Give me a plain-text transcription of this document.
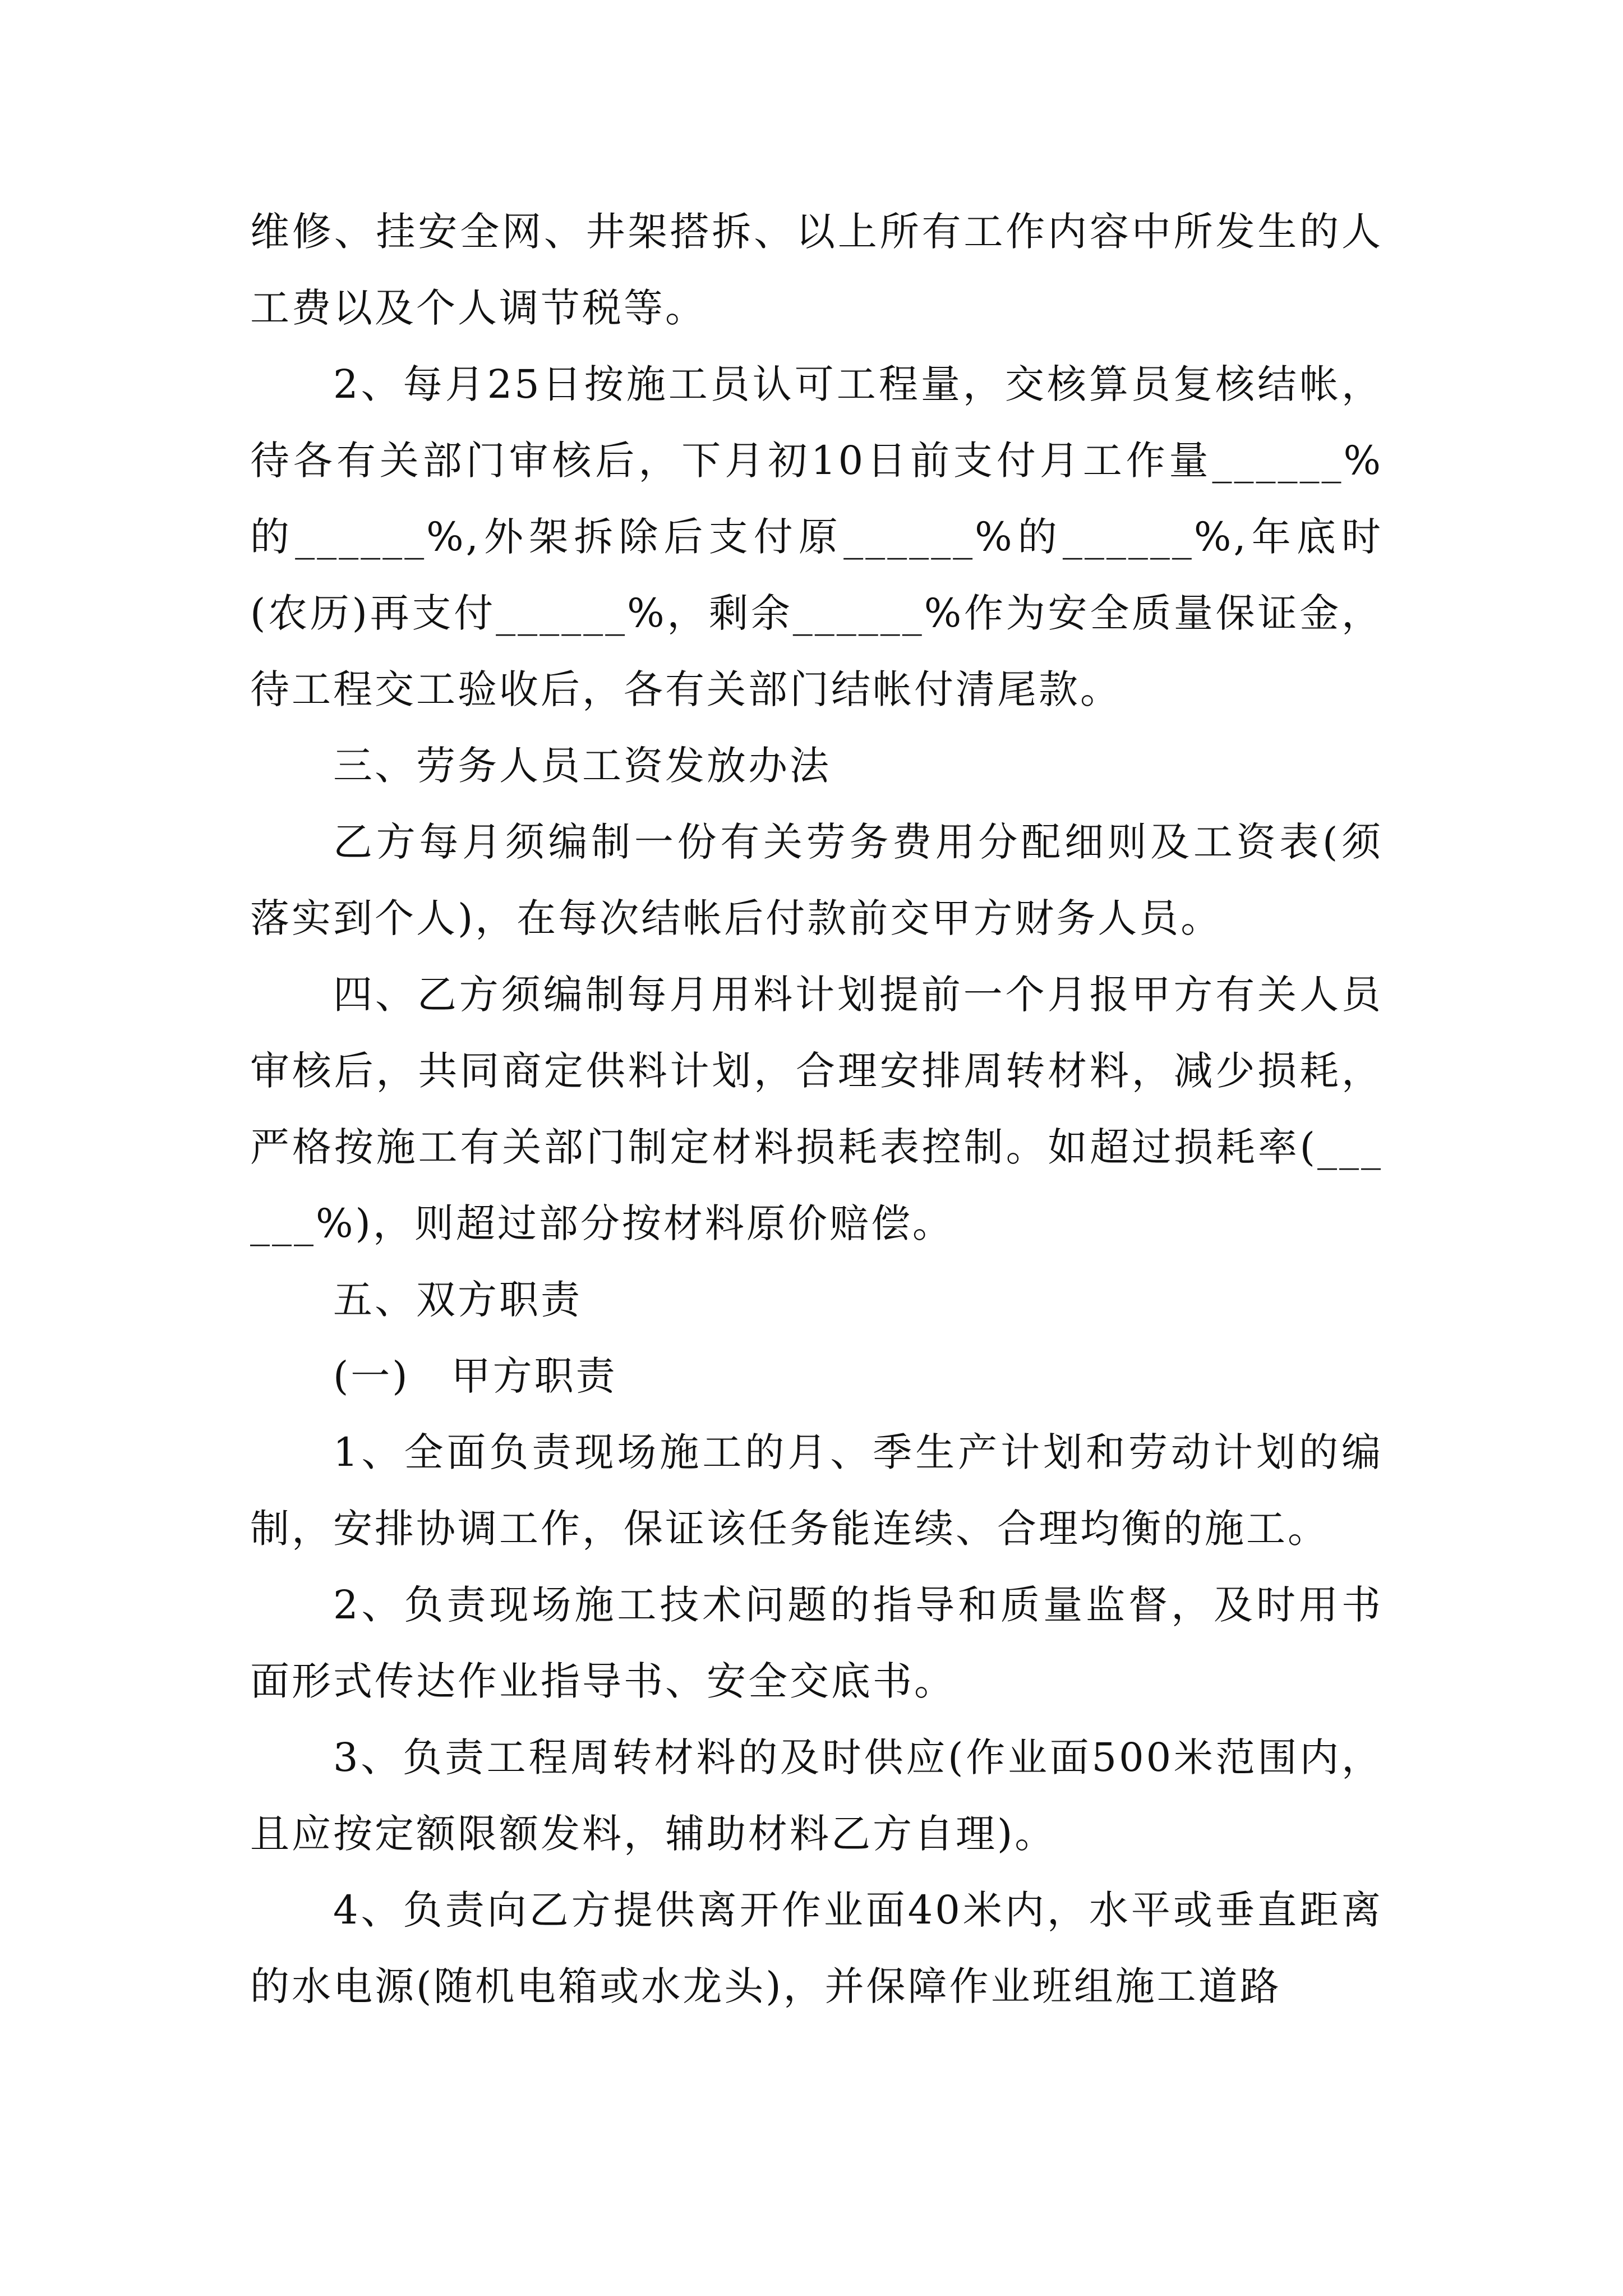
维修、挂安全网、井架搭拆、以上所有工作内容中所发生的人工费以及个人调节税等。

2、每月25日按施工员认可工程量，交核算员复核结帐，待各有关部门审核后，下月初10日前支付月工作量______%的______%,外架拆除后支付原______%的______%,年底时(农历)再支付______%，剩余______%作为安全质量保证金，待工程交工验收后，各有关部门结帐付清尾款。

三、劳务人员工资发放办法

乙方每月须编制一份有关劳务费用分配细则及工资表(须落实到个人)，在每次结帐后付款前交甲方财务人员。

四、乙方须编制每月用料计划提前一个月报甲方有关人员审核后，共同商定供料计划，合理安排周转材料，减少损耗，严格按施工有关部门制定材料损耗表控制。如超过损耗率(______%)，则超过部分按材料原价赔偿。

五、双方职责

(一)　甲方职责

1、全面负责现场施工的月、季生产计划和劳动计划的编制，安排协调工作，保证该任务能连续、合理均衡的施工。

2、负责现场施工技术问题的指导和质量监督，及时用书面形式传达作业指导书、安全交底书。

3、负责工程周转材料的及时供应(作业面500米范围内，且应按定额限额发料，辅助材料乙方自理)。

4、负责向乙方提供离开作业面40米内，水平或垂直距离的水电源(随机电箱或水龙头)，并保障作业班组施工道路
